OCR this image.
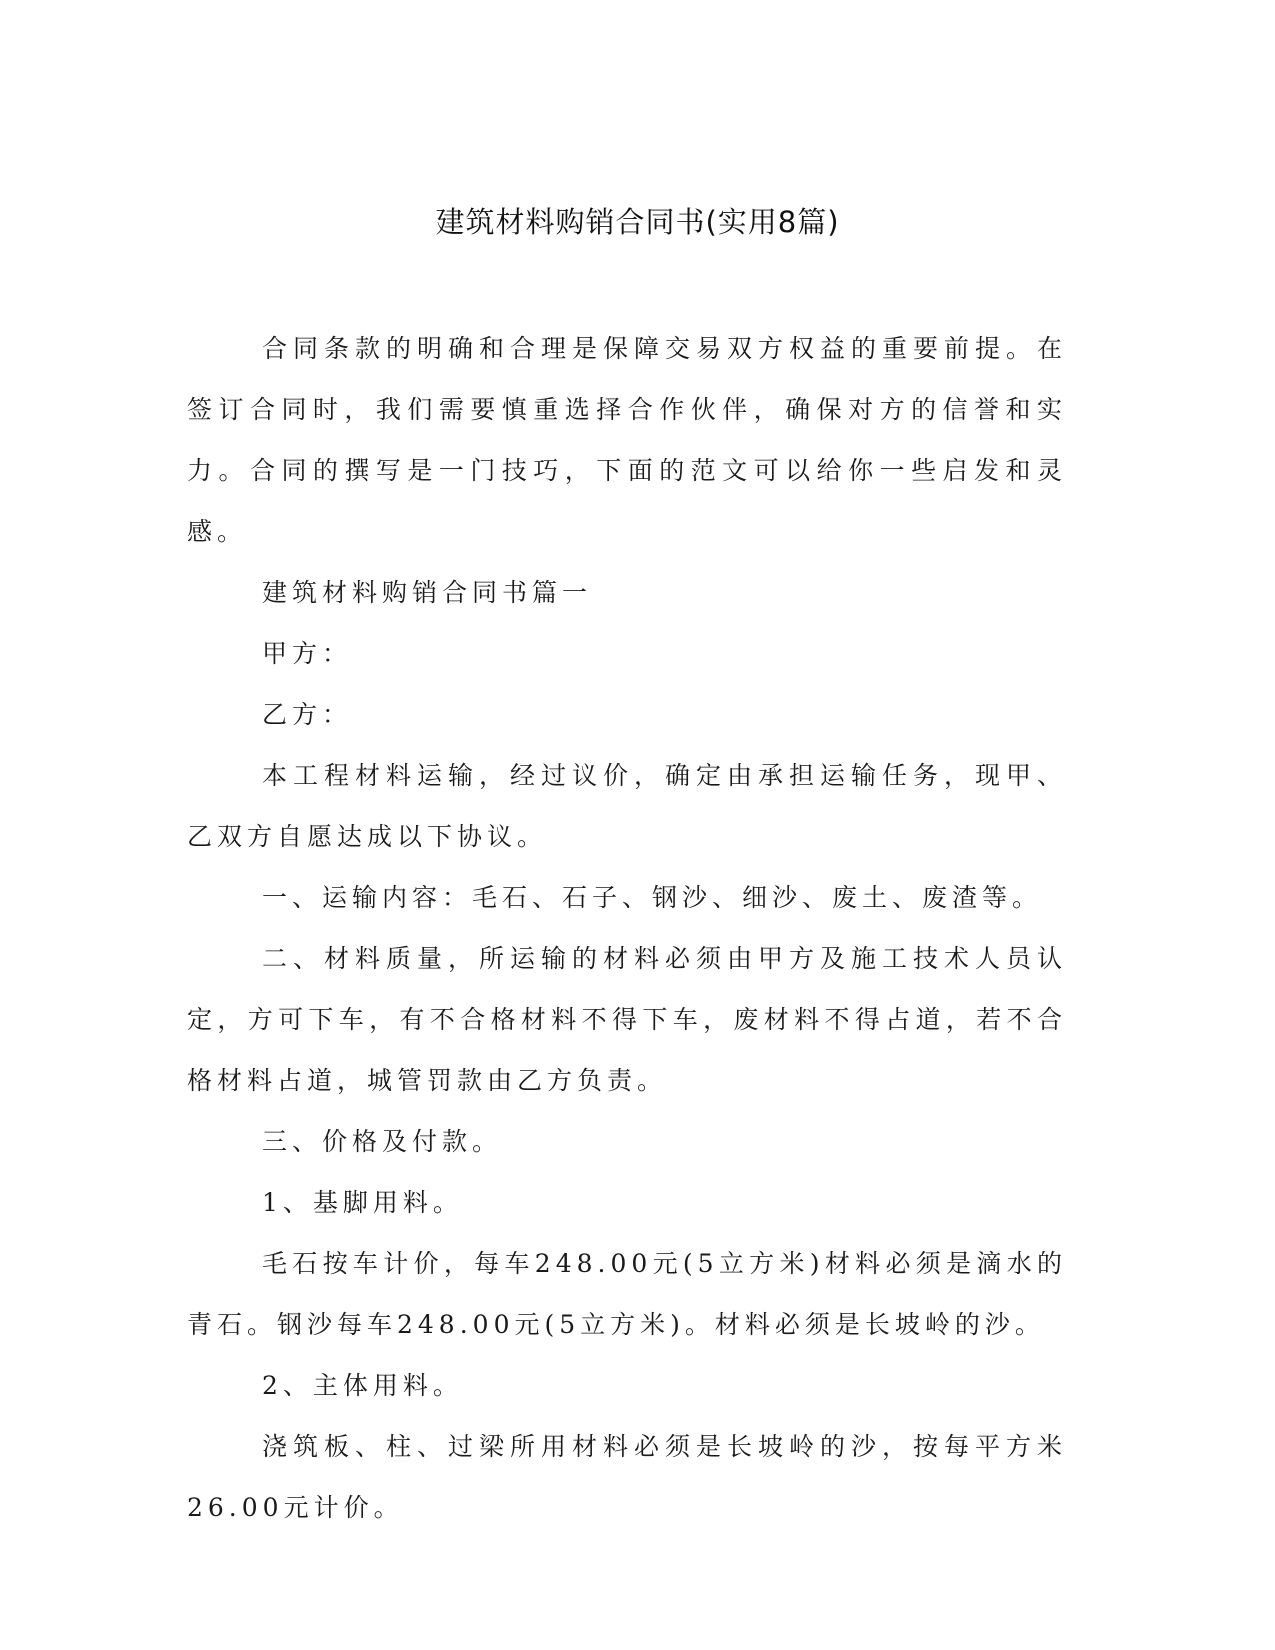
建筑材料购销合同书(实用8篇)

合同条款的明确和合理是保障交易双方权益的重要前提。在签订合同时，我们需要慎重选择合作伙伴，确保对方的信誉和实力。合同的撰写是一门技巧，下面的范文可以给你一些启发和灵感。

建筑材料购销合同书篇一

甲方：

乙方：

本工程材料运输，经过议价，确定由承担运输任务，现甲、乙双方自愿达成以下协议。

一、运输内容：毛石、石子、钢沙、细沙、废土、废渣等。

二、材料质量，所运输的材料必须由甲方及施工技术人员认定，方可下车，有不合格材料不得下车，废材料不得占道，若不合格材料占道，城管罚款由乙方负责。

三、价格及付款。

1、基脚用料。

毛石按车计价，每车248.00元(5立方米)材料必须是滴水的青石。钢沙每车248.00元(5立方米)。材料必须是长坡岭的沙。

2、主体用料。

浇筑板、柱、过梁所用材料必须是长坡岭的沙，按每平方米26.00元计价。
